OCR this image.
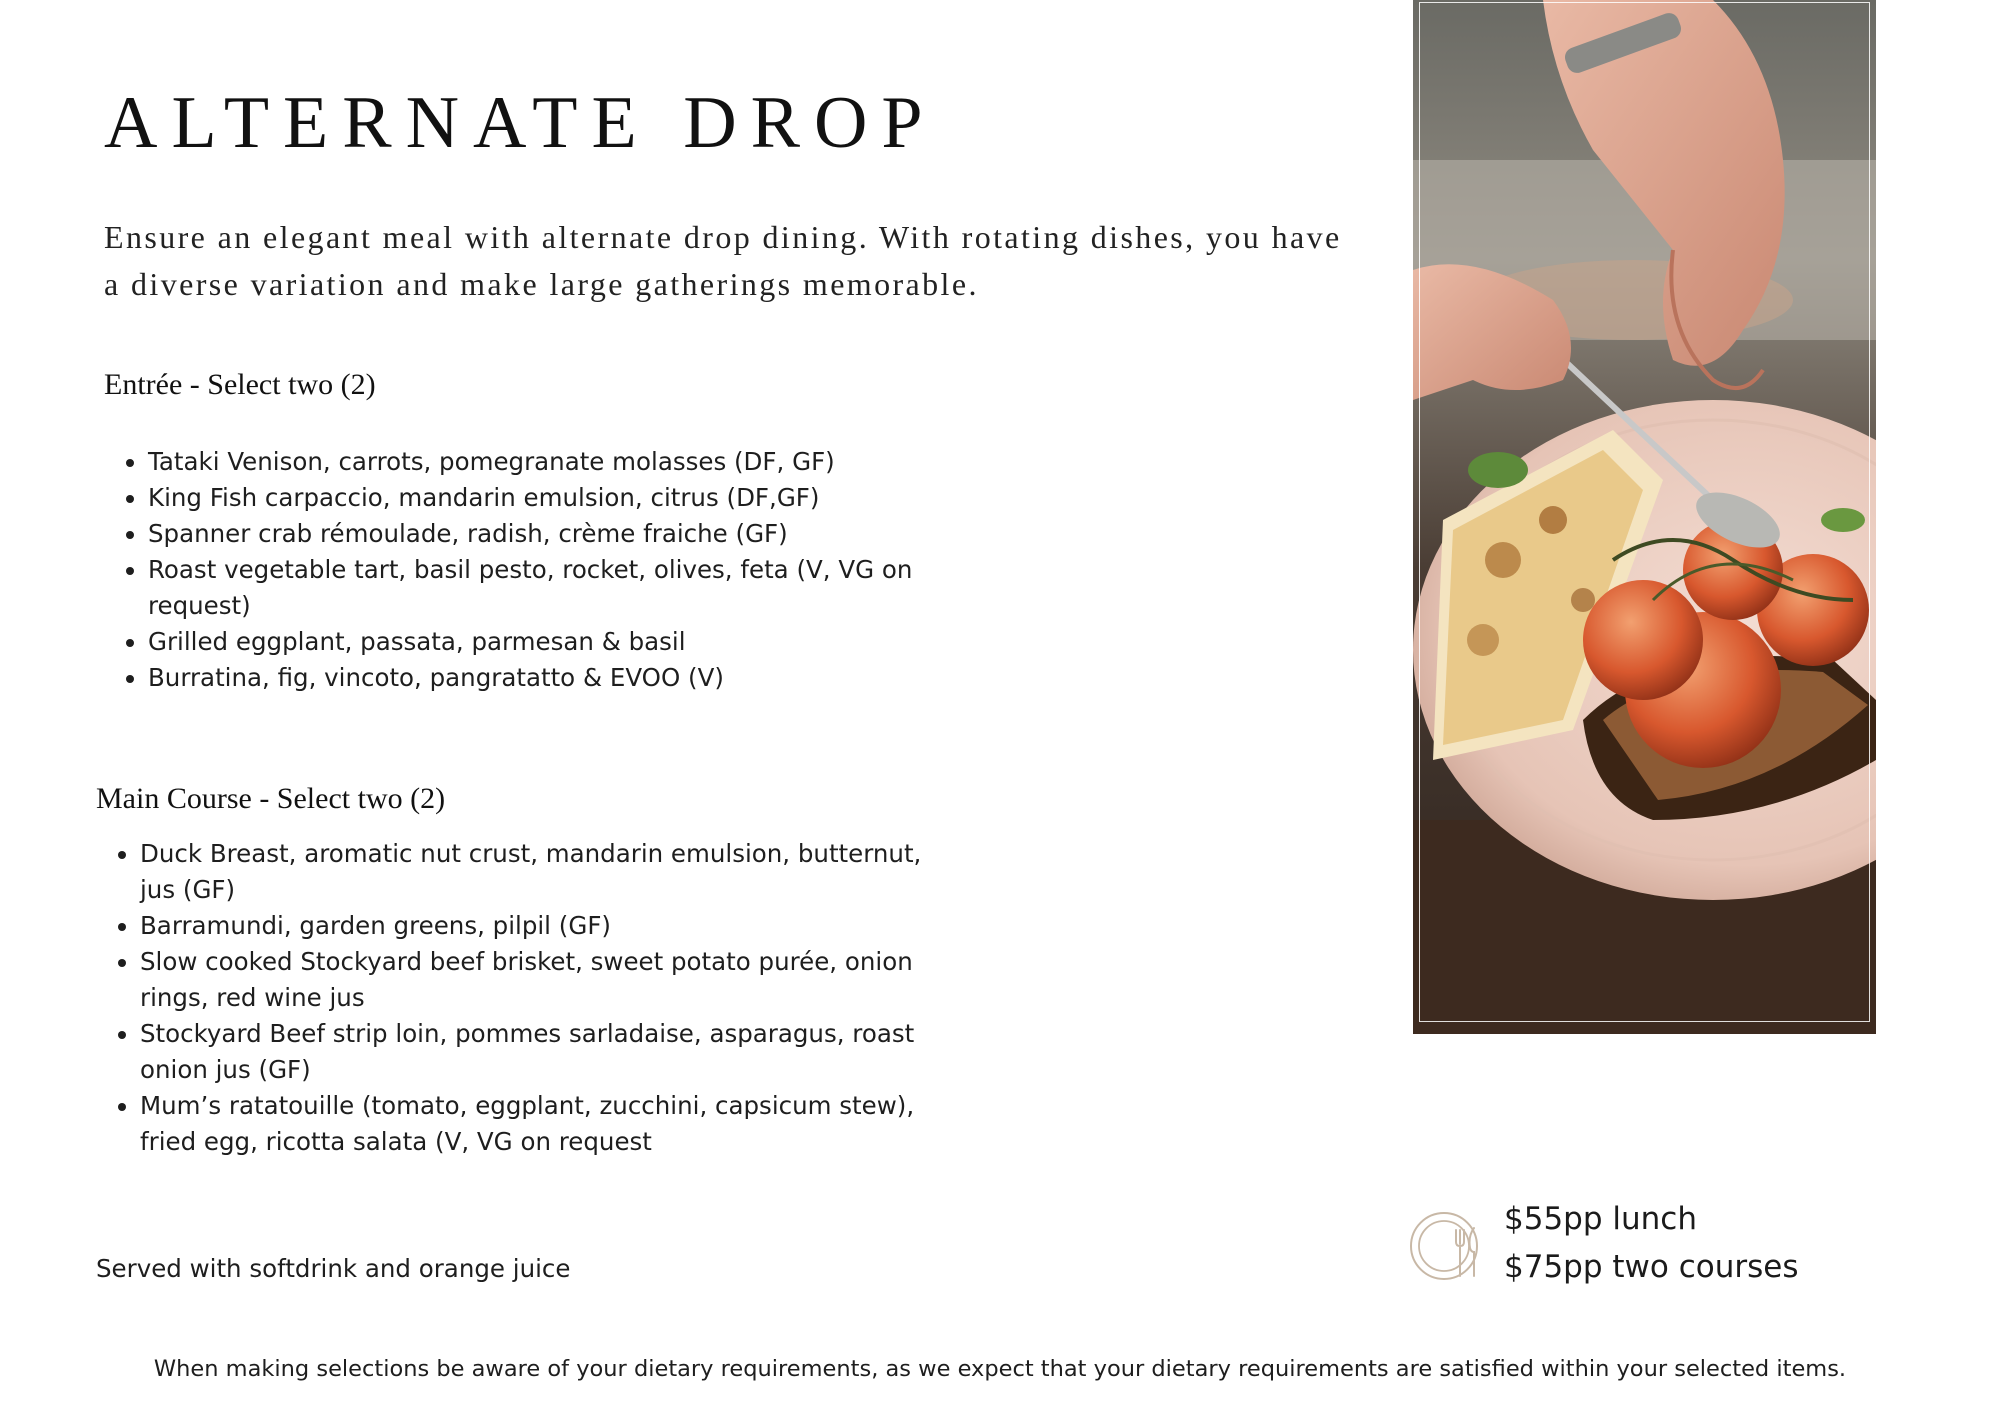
ALTERNATE DROP

Ensure an elegant meal with alternate drop dining. With rotating dishes, you have a diverse variation and make large gatherings memorable.

Entrée - Select two (2)
• Tataki Venison, carrots, pomegranate molasses (DF, GF)
• King Fish carpaccio, mandarin emulsion, citrus (DF,GF)
• Spanner crab rémoulade, radish, crème fraiche (GF)
• Roast vegetable tart, basil pesto, rocket, olives, feta (V, VG on request)
• Grilled eggplant, passata, parmesan & basil
• Burratina, fig, vincoto, pangratatto & EVOO (V)
Main Course - Select two (2)
• Duck Breast, aromatic nut crust, mandarin emulsion, butternut, jus (GF)
• Barramundi, garden greens, pilpil (GF)
• Slow cooked Stockyard beef brisket, sweet potato purée, onion rings, red wine jus
• Stockyard Beef strip loin, pommes sarladaise, asparagus, roast onion jus (GF)
• Mum’s ratatouille (tomato, eggplant, zucchini, capsicum stew), fried egg, ricotta salata (V, VG on request

Served with softdrink and orange juice

$55pp lunch

$75pp two courses

When making selections be aware of your dietary requirements, as we expect that your dietary requirements are satisfied within your selected items.
